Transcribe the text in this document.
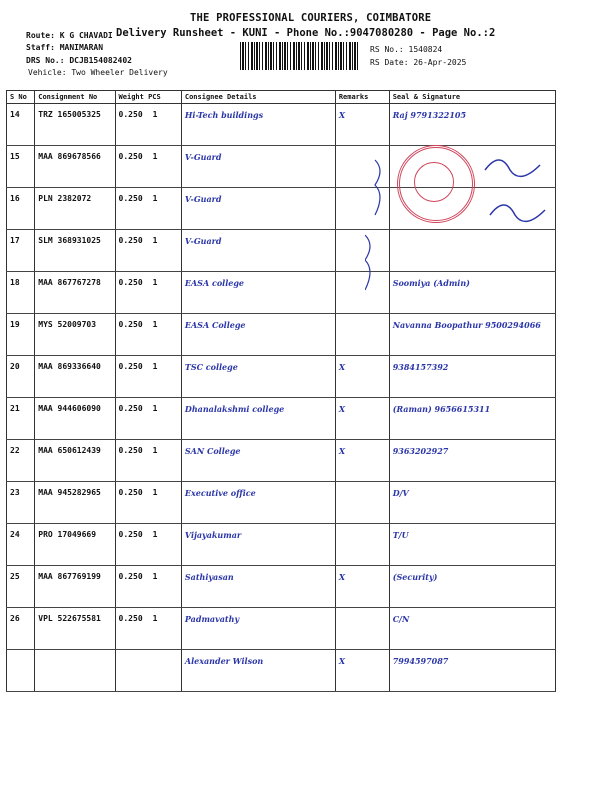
THE PROFESSIONAL COURIERS, COIMBATORE
Delivery Runsheet - KUNI - Phone No.:9047080280 - Page No.:2
Route: K G CHAVADI
Staff: MANIMARAN
DRS No.: DCJB154082402
Vehicle: Two Wheeler Delivery
RS No.: 1540824
RS Date: 26-Apr-2025
S No	Consignment No	Weight PCS	Consignee Details	Remarks	Seal & Signature
14	TRZ 165005325	0.250 1	Hi-Tech buildings	X	Raj 9791322105
15	MAA 869678566	0.250 1	V-Guard		
16	PLN 2382072	0.250 1	V-Guard		
17	SLM 368931025	0.250 1	V-Guard		
18	MAA 867767278	0.250 1	EASA college		Soomiya (Admin)
19	MYS 52009703	0.250 1	EASA College		Navanna Boopathur 9500294066
20	MAA 869336640	0.250 1	TSC college	X	9384157392
21	MAA 944606090	0.250 1	Dhanalakshmi college	X	(Raman) 9656615311
22	MAA 650612439	0.250 1	SAN College	X	9363202927
23	MAA 945282965	0.250 1	Executive office		D/V
24	PRO 17049669	0.250 1	Vijayakumar		T/U
25	MAA 867769199	0.250 1	Sathiyasan	X	(Security)
26	VPL 522675581	0.250 1	Padmavathy		C/N
			Alexander Wilson	X	7994597087
